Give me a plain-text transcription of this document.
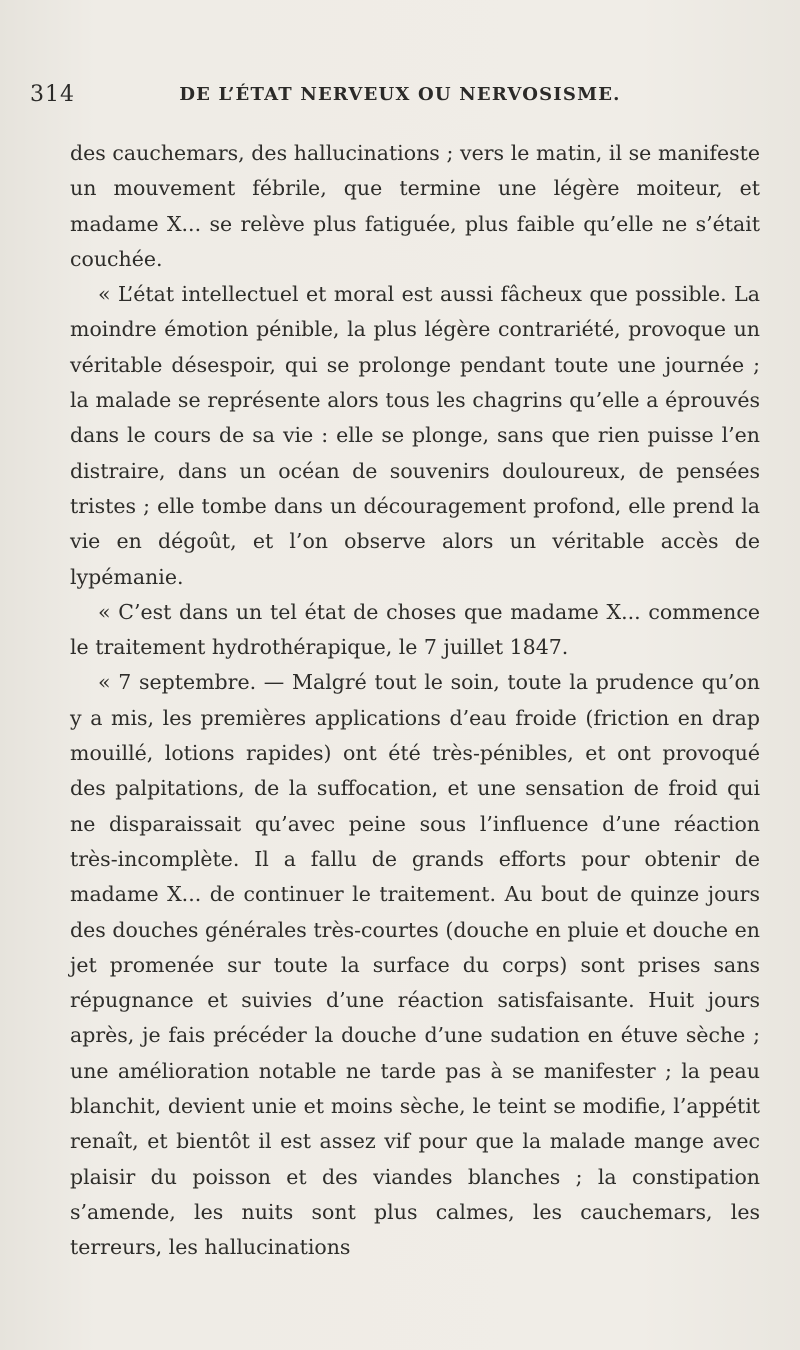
314	DE L’ÉTAT NERVEUX OU NERVOSISME.

des cauchemars, des hallucinations ; vers le matin, il se manifeste un mouvement fébrile, que termine une légère moiteur, et madame X... se relève plus fatiguée, plus faible qu’elle ne s’était couchée.

« L’état intellectuel et moral est aussi fâcheux que possible. La moindre émotion pénible, la plus légère contrariété, provoque un véritable désespoir, qui se prolonge pendant toute une journée ; la malade se représente alors tous les chagrins qu’elle a éprouvés dans le cours de sa vie : elle se plonge, sans que rien puisse l’en distraire, dans un océan de souvenirs douloureux, de pensées tristes ; elle tombe dans un découragement profond, elle prend la vie en dégoût, et l’on observe alors un véritable accès de lypémanie.

« C’est dans un tel état de choses que madame X... commence le traitement hydrothérapique, le 7 juillet 1847.

« 7 septembre. — Malgré tout le soin, toute la prudence qu’on y a mis, les premières applications d’eau froide (friction en drap mouillé, lotions rapides) ont été très-pénibles, et ont provoqué des palpitations, de la suffocation, et une sensation de froid qui ne disparaissait qu’avec peine sous l’influence d’une réaction très-incomplète. Il a fallu de grands efforts pour obtenir de madame X... de continuer le traitement. Au bout de quinze jours des douches générales très-courtes (douche en pluie et douche en jet promenée sur toute la surface du corps) sont prises sans répugnance et suivies d’une réaction satisfaisante. Huit jours après, je fais précéder la douche d’une sudation en étuve sèche ; une amélioration notable ne tarde pas à se manifester ; la peau blanchit, devient unie et moins sèche, le teint se modifie, l’appétit renaît, et bientôt il est assez vif pour que la malade mange avec plaisir du poisson et des viandes blanches ; la constipation s’amende, les nuits sont plus calmes, les cauchemars, les terreurs, les hallucinations
